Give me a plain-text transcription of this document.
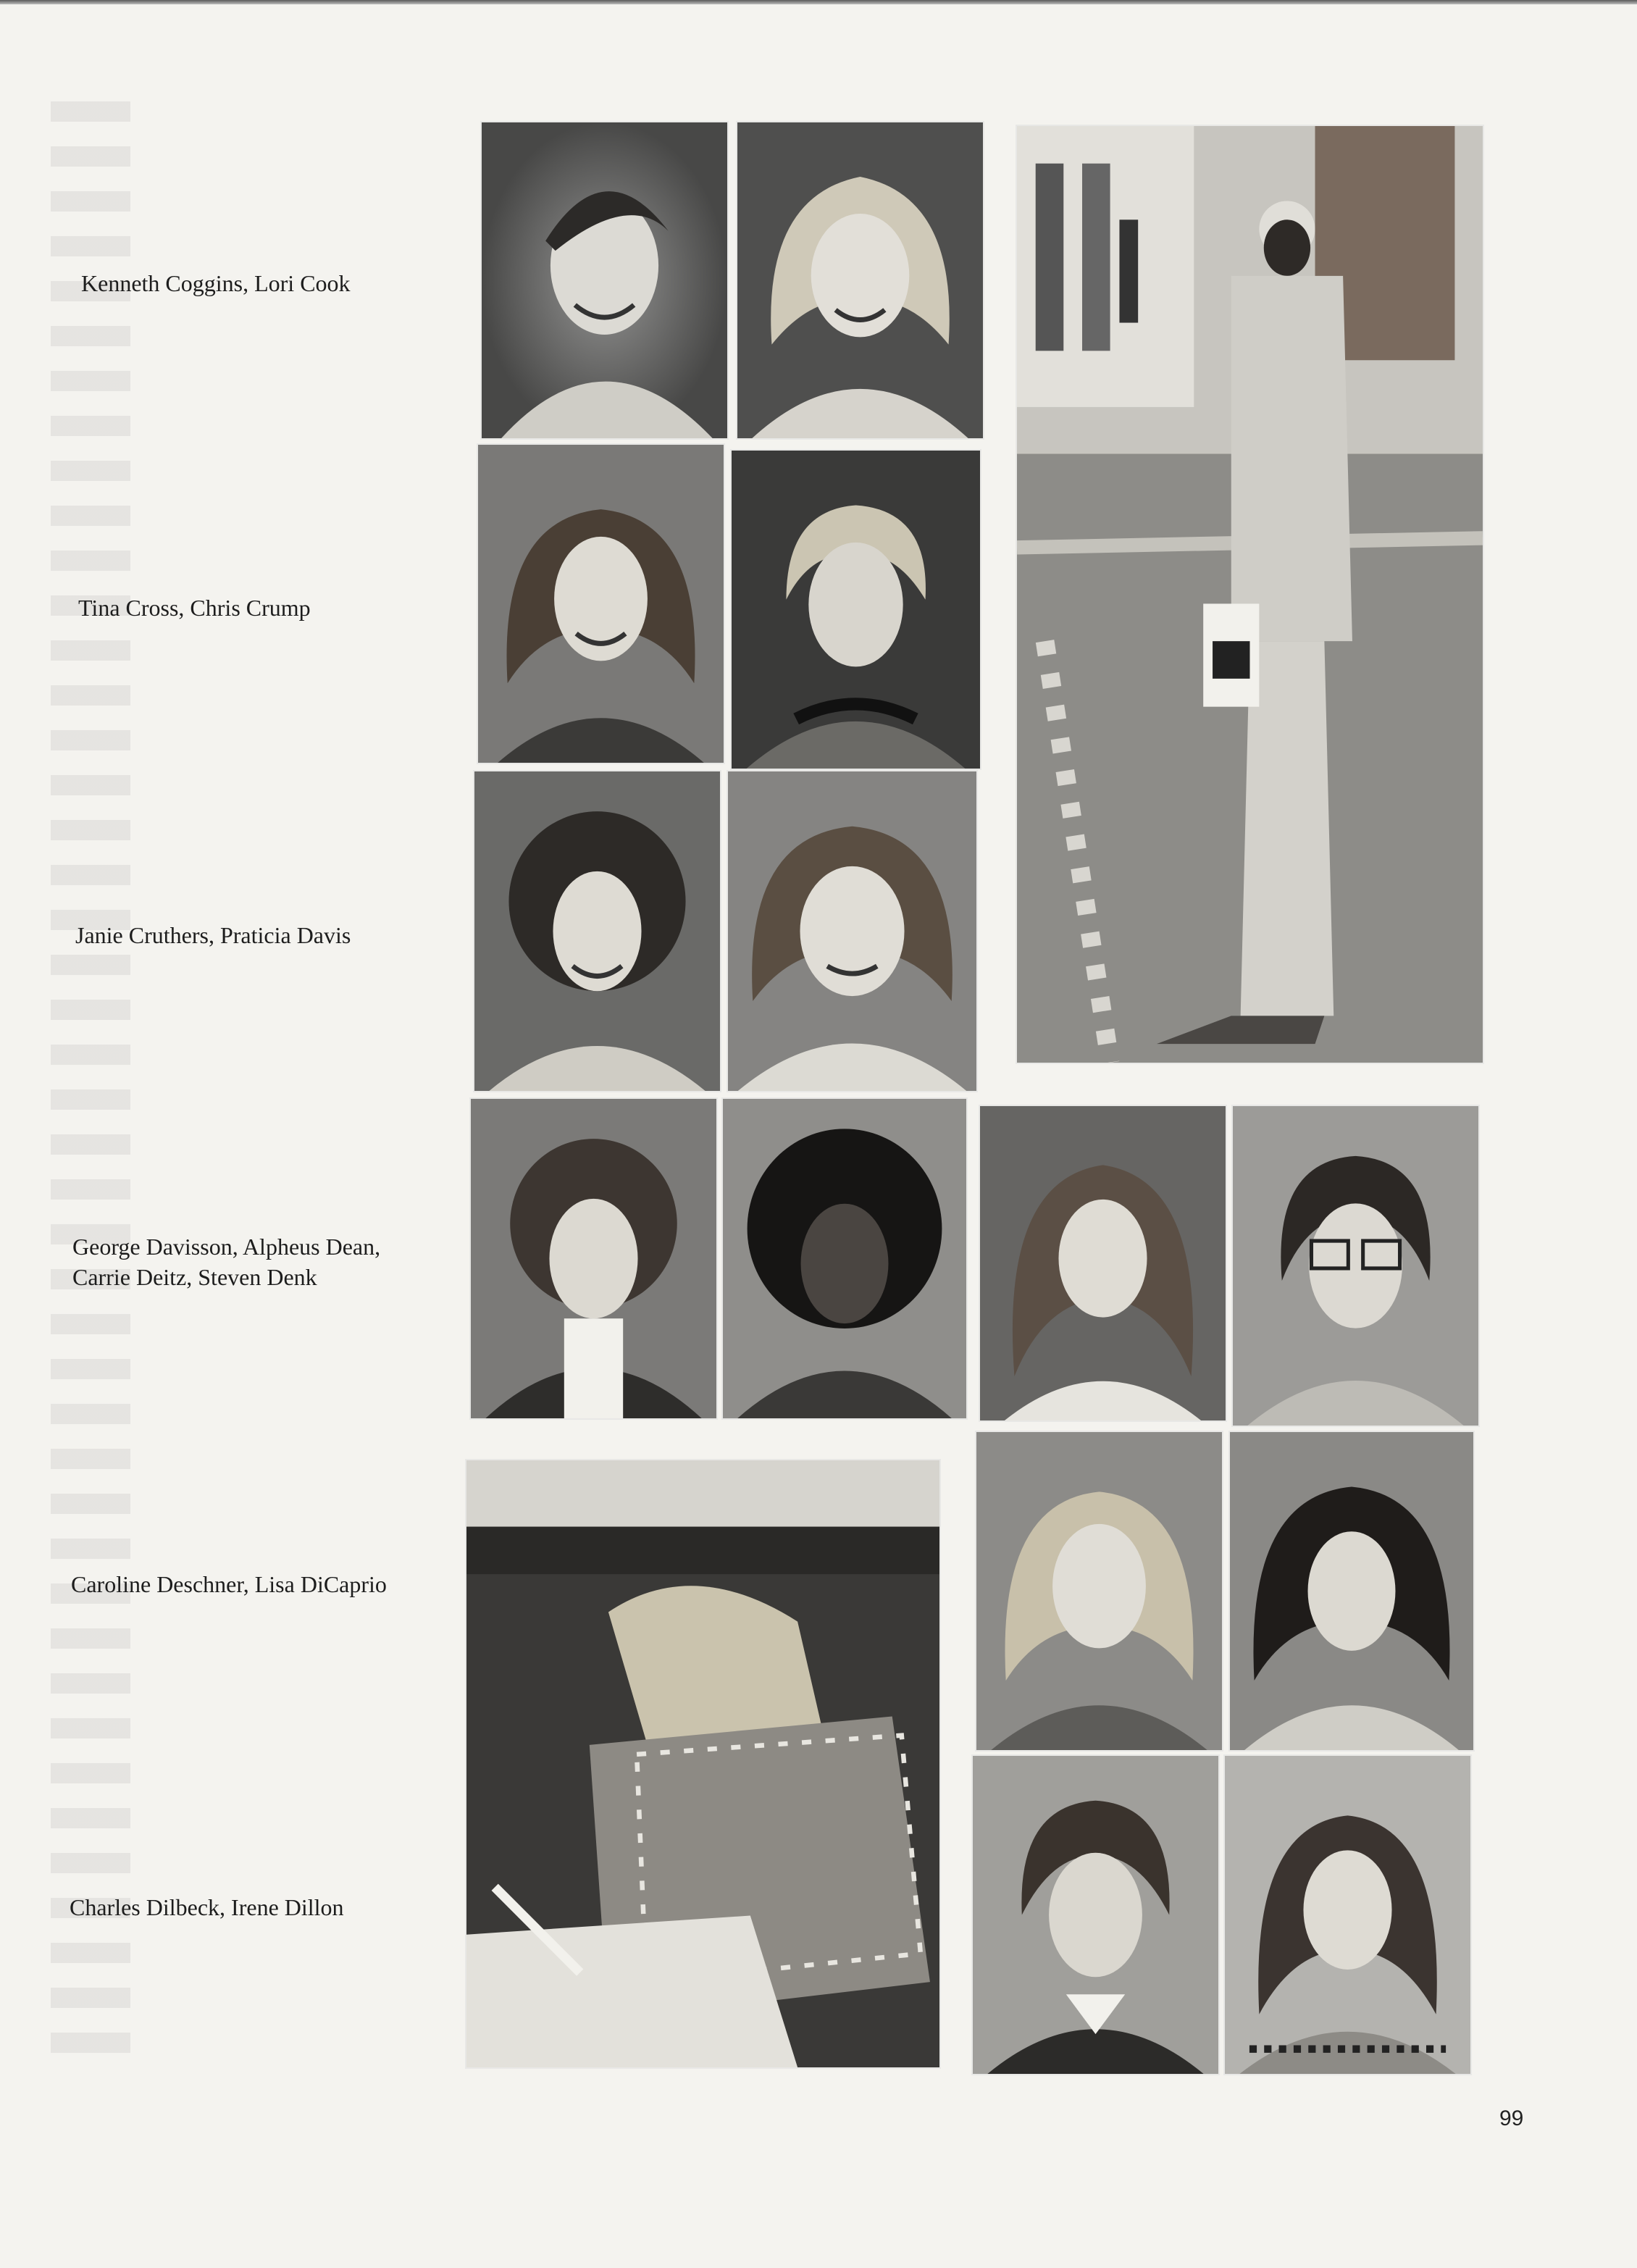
Kenneth Coggins, Lori Cook
Tina Cross, Chris Crump
Janie Cruthers, Praticia Davis
George Davisson, Alpheus Dean,
Carrie Deitz, Steven Denk
Caroline Deschner, Lisa DiCaprio
Charles Dilbeck, Irene Dillon
99
